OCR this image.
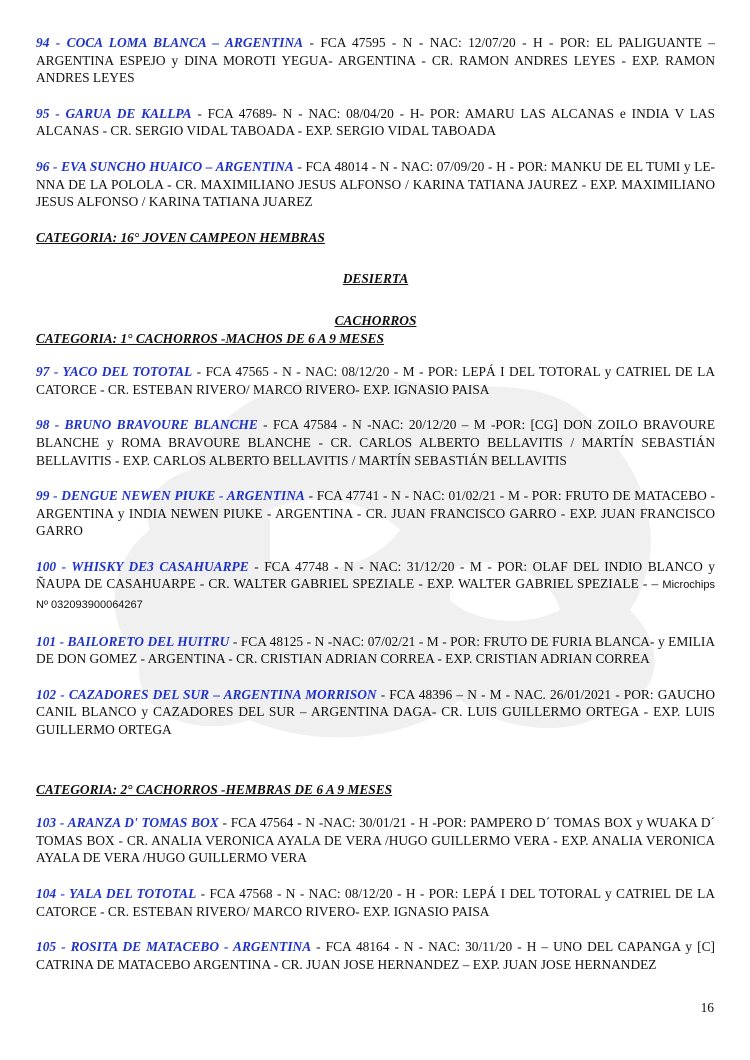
94 - COCA LOMA BLANCA – ARGENTINA - FCA 47595 - N - NAC: 12/07/20 - H - POR: EL PALIGUANTE – ARGENTINA ESPEJO y DINA MOROTI YEGUA- ARGENTINA - CR. RAMON ANDRES LEYES - EXP. RAMON ANDRES LEYES

95 - GARUA DE KALLPA - FCA 47689- N - NAC: 08/04/20 - H- POR: AMARU LAS ALCANAS e INDIA V LAS ALCANAS - CR. SERGIO VIDAL TABOADA - EXP. SERGIO VIDAL TABOADA

96 - EVA SUNCHO HUAICO – ARGENTINA - FCA 48014 - N - NAC: 07/09/20 - H - POR: MANKU DE EL TUMI y LE-NNA DE LA POLOLA - CR. MAXIMILIANO JESUS ALFONSO / KARINA TATIANA JAUREZ - EXP. MAXIMILIANO JESUS ALFONSO / KARINA TATIANA JUAREZ

CATEGORIA: 16° JOVEN CAMPEON HEMBRAS

DESIERTA

CACHORROS

CATEGORIA: 1° CACHORROS -MACHOS DE 6 A 9 MESES

97 - YACO DEL TOTOTAL - FCA 47565 - N - NAC: 08/12/20 - M - POR: LEPÁ I DEL TOTORAL y CATRIEL DE LA CATORCE - CR. ESTEBAN RIVERO/ MARCO RIVERO- EXP. IGNASIO PAISA

98 - BRUNO BRAVOURE BLANCHE - FCA 47584 - N -NAC: 20/12/20 – M -POR: [CG] DON ZOILO BRAVOURE BLANCHE y ROMA BRAVOURE BLANCHE - CR. CARLOS ALBERTO BELLAVITIS / MARTÍN SEBASTIÁN BELLAVITIS - EXP. CARLOS ALBERTO BELLAVITIS / MARTÍN SEBASTIÁN BELLAVITIS

99 - DENGUE NEWEN PIUKE - ARGENTINA - FCA 47741 - N - NAC: 01/02/21 - M - POR: FRUTO DE MATACEBO - ARGENTINA y INDIA NEWEN PIUKE - ARGENTINA - CR. JUAN FRANCISCO GARRO - EXP. JUAN FRANCISCO GARRO

100 - WHISKY DE3 CASAHUARPE - FCA 47748 - N - NAC: 31/12/20 - M - POR: OLAF DEL INDIO BLANCO y ÑAUPA DE CASAHUARPE - CR. WALTER GABRIEL SPEZIALE - EXP. WALTER GABRIEL SPEZIALE - – Microchips Nº 032093900064267

101 - BAILORETO DEL HUITRU - FCA 48125 - N -NAC: 07/02/21 - M - POR: FRUTO DE FURIA BLANCA- y EMILIA DE DON GOMEZ - ARGENTINA - CR. CRISTIAN ADRIAN CORREA - EXP. CRISTIAN ADRIAN CORREA

102 - CAZADORES DEL SUR – ARGENTINA MORRISON - FCA 48396 – N - M - NAC. 26/01/2021 - POR: GAUCHO CANIL BLANCO y CAZADORES DEL SUR – ARGENTINA DAGA- CR. LUIS GUILLERMO ORTEGA - EXP. LUIS GUILLERMO ORTEGA

CATEGORIA: 2° CACHORROS -HEMBRAS DE 6 A 9 MESES

103 - ARANZA D' TOMAS BOX - FCA 47564 - N -NAC: 30/01/21 - H -POR: PAMPERO D´ TOMAS BOX y WUAKA D´ TOMAS BOX - CR. ANALIA VERONICA AYALA DE VERA /HUGO GUILLERMO VERA - EXP. ANALIA VERONICA AYALA DE VERA /HUGO GUILLERMO VERA

104 - YALA DEL TOTOTAL - FCA 47568 - N - NAC: 08/12/20 - H - POR: LEPÁ I DEL TOTORAL y CATRIEL DE LA CATORCE - CR. ESTEBAN RIVERO/ MARCO RIVERO- EXP. IGNASIO PAISA

105 - ROSITA DE MATACEBO - ARGENTINA - FCA 48164 - N - NAC: 30/11/20 - H – UNO DEL CAPANGA y [C] CATRINA DE MATACEBO ARGENTINA - CR. JUAN JOSE HERNANDEZ – EXP. JUAN JOSE HERNANDEZ

16
